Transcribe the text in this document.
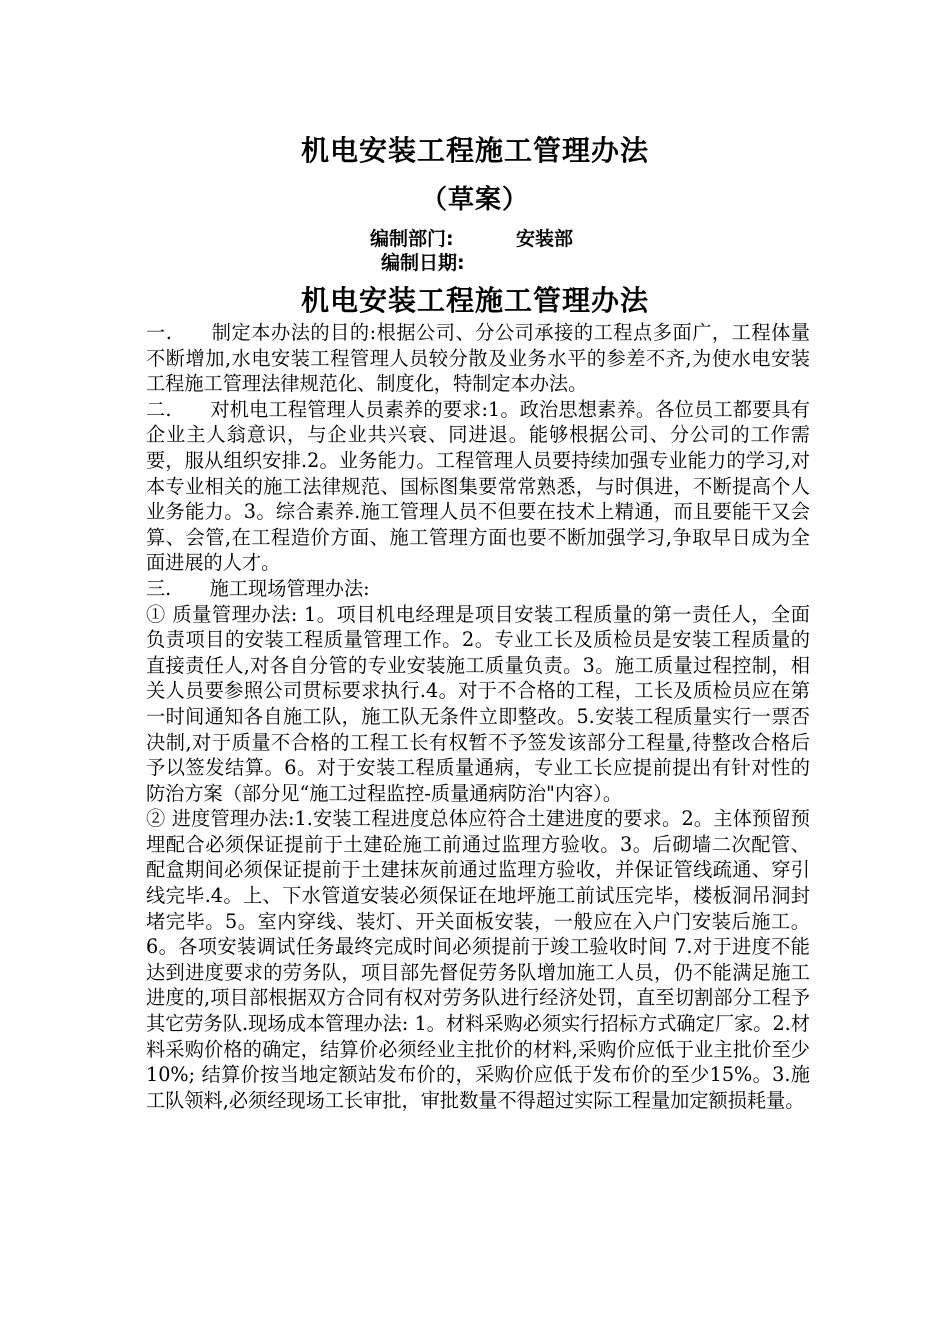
机电安装工程施工管理办法
（草案）
编制部门:	安装部
编制日期:
机电安装工程施工管理办法

一.　　制定本办法的目的:根据公司、分公司承接的工程点多面广，工程体量不断增加,水电安装工程管理人员较分散及业务水平的参差不齐,为使水电安装工程施工管理法律规范化、制度化，特制定本办法。

二.　　对机电工程管理人员素养的要求:1。政治思想素养。各位员工都要具有企业主人翁意识，与企业共兴衰、同进退。能够根据公司、分公司的工作需要，服从组织安排.2。业务能力。工程管理人员要持续加强专业能力的学习,对本专业相关的施工法律规范、国标图集要常常熟悉，与时俱进，不断提高个人业务能力。3。综合素养.施工管理人员不但要在技术上精通，而且要能干又会算、会管,在工程造价方面、施工管理方面也要不断加强学习,争取早日成为全面进展的人才。

三.　　施工现场管理办法:

① 质量管理办法: 1。项目机电经理是项目安装工程质量的第一责任人，全面负责项目的安装工程质量管理工作。2。专业工长及质检员是安装工程质量的直接责任人,对各自分管的专业安装施工质量负责。3。施工质量过程控制，相关人员要参照公司贯标要求执行.4。对于不合格的工程，工长及质检员应在第一时间通知各自施工队，施工队无条件立即整改。5.安装工程质量实行一票否决制,对于质量不合格的工程工长有权暂不予签发该部分工程量,待整改合格后予以签发结算。6。对于安装工程质量通病，专业工长应提前提出有针对性的防治方案（部分见“施工过程监控-质量通病防治"内容）。

② 进度管理办法:1.安装工程进度总体应符合土建进度的要求。2。主体预留预埋配合必须保证提前于土建砼施工前通过监理方验收。3。后砌墙二次配管、配盒期间必须保证提前于土建抹灰前通过监理方验收，并保证管线疏通、穿引线完毕.4。上、下水管道安装必须保证在地坪施工前试压完毕，楼板洞吊洞封堵完毕。5。室内穿线、装灯、开关面板安装，一般应在入户门安装后施工。6。各项安装调试任务最终完成时间必须提前于竣工验收时间 7.对于进度不能达到进度要求的劳务队，项目部先督促劳务队增加施工人员，仍不能满足施工进度的,项目部根据双方合同有权对劳务队进行经济处罚，直至切割部分工程予其它劳务队.现场成本管理办法: 1。材料采购必须实行招标方式确定厂家。2.材料采购价格的确定，结算价必须经业主批价的材料,采购价应低于业主批价至少10%; 结算价按当地定额站发布价的，采购价应低于发布价的至少15%。3.施工队领料,必须经现场工长审批，审批数量不得超过实际工程量加定额损耗量。
